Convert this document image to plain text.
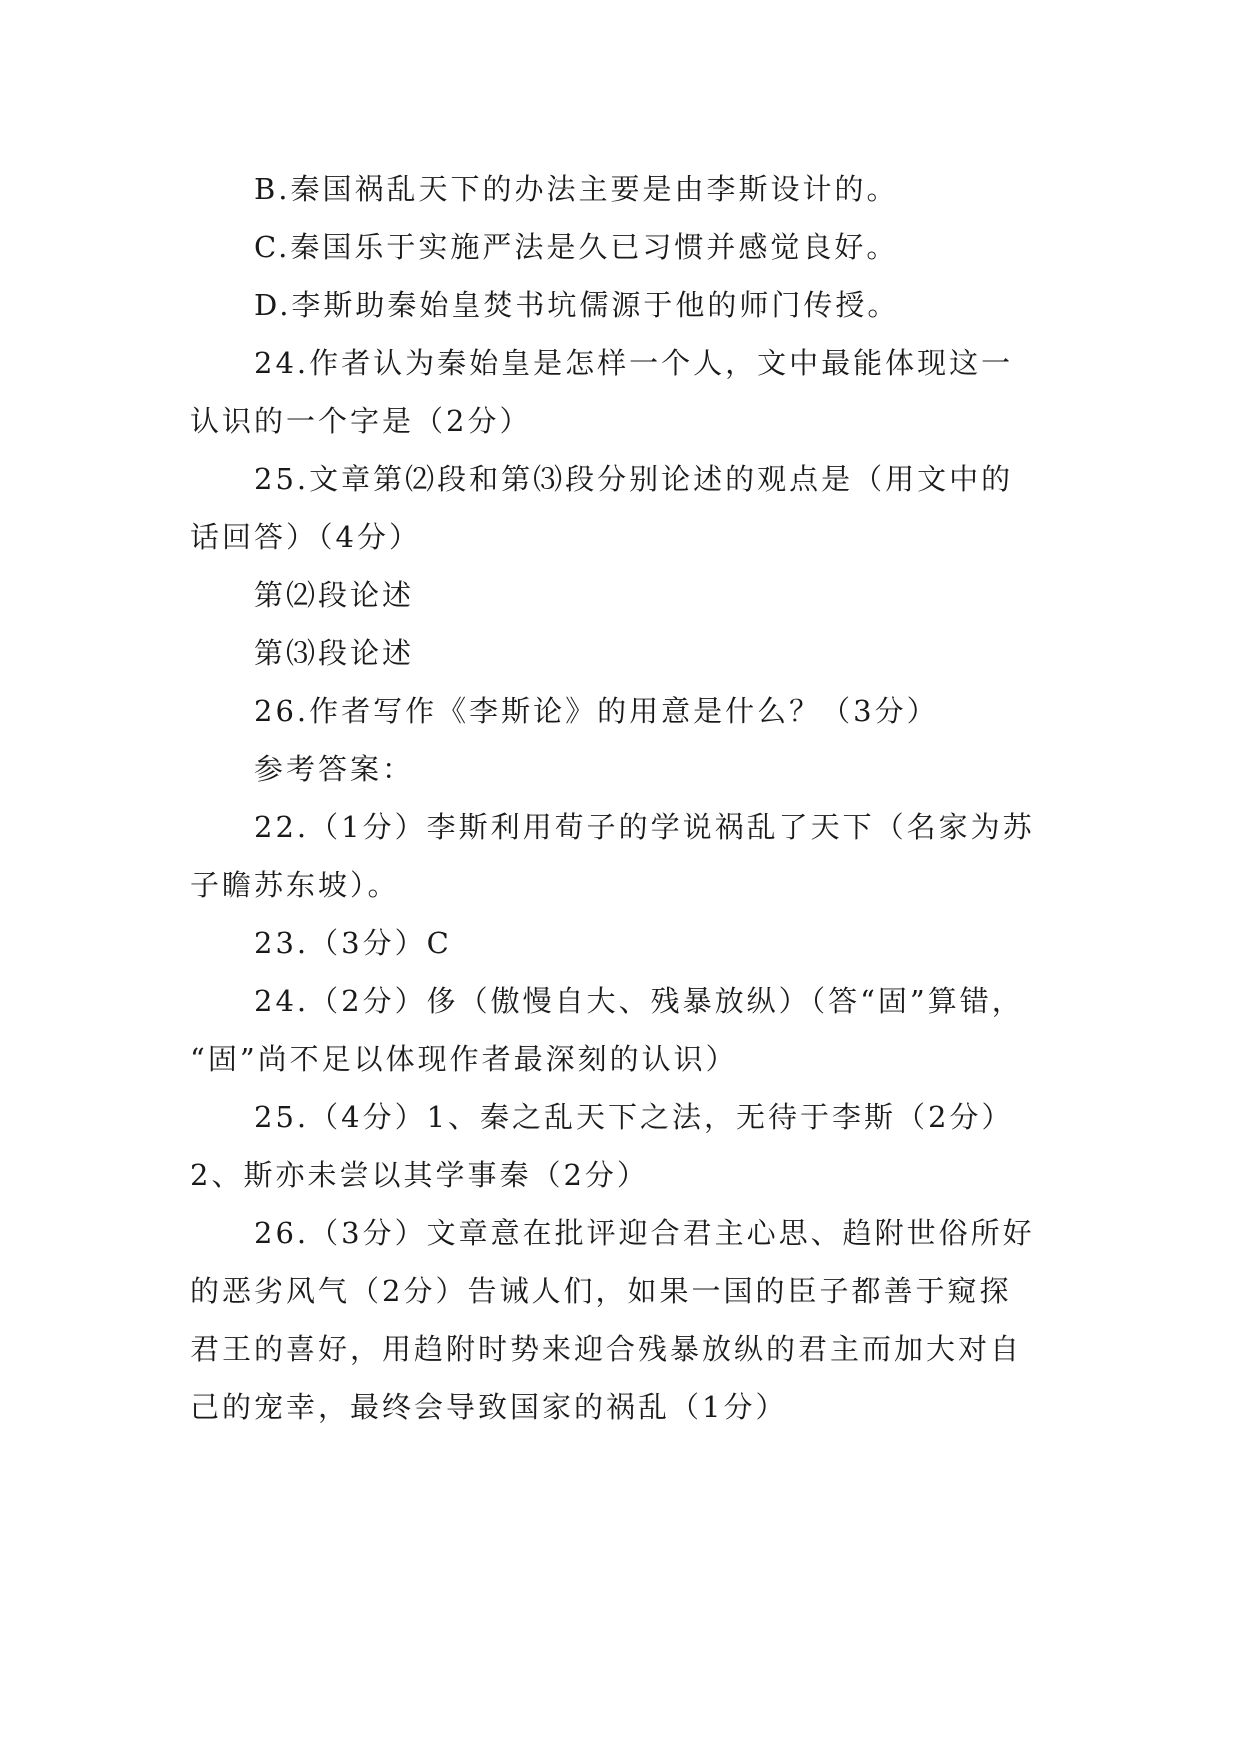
B.秦国祸乱天下的办法主要是由李斯设计的。
C.秦国乐于实施严法是久已习惯并感觉良好。
D.李斯助秦始皇焚书坑儒源于他的师门传授。
24.作者认为秦始皇是怎样一个人，文中最能体现这一
认识的一个字是（2分）
25.文章第⑵段和第⑶段分别论述的观点是（用文中的
话回答）（4分）
第⑵段论述
第⑶段论述
26.作者写作《李斯论》的用意是什么？（3分）
参考答案：
22.（1分）李斯利用荀子的学说祸乱了天下（名家为苏
子瞻苏东坡）。
23.（3分）C
24.（2分）侈（傲慢自大、残暴放纵）（答“固”算错，
“固”尚不足以体现作者最深刻的认识）
25.（4分）1、秦之乱天下之法，无待于李斯（2分）
2、斯亦未尝以其学事秦（2分）
26.（3分）文章意在批评迎合君主心思、趋附世俗所好
的恶劣风气（2分）告诫人们，如果一国的臣子都善于窥探
君王的喜好，用趋附时势来迎合残暴放纵的君主而加大对自
己的宠幸，最终会导致国家的祸乱（1分）
